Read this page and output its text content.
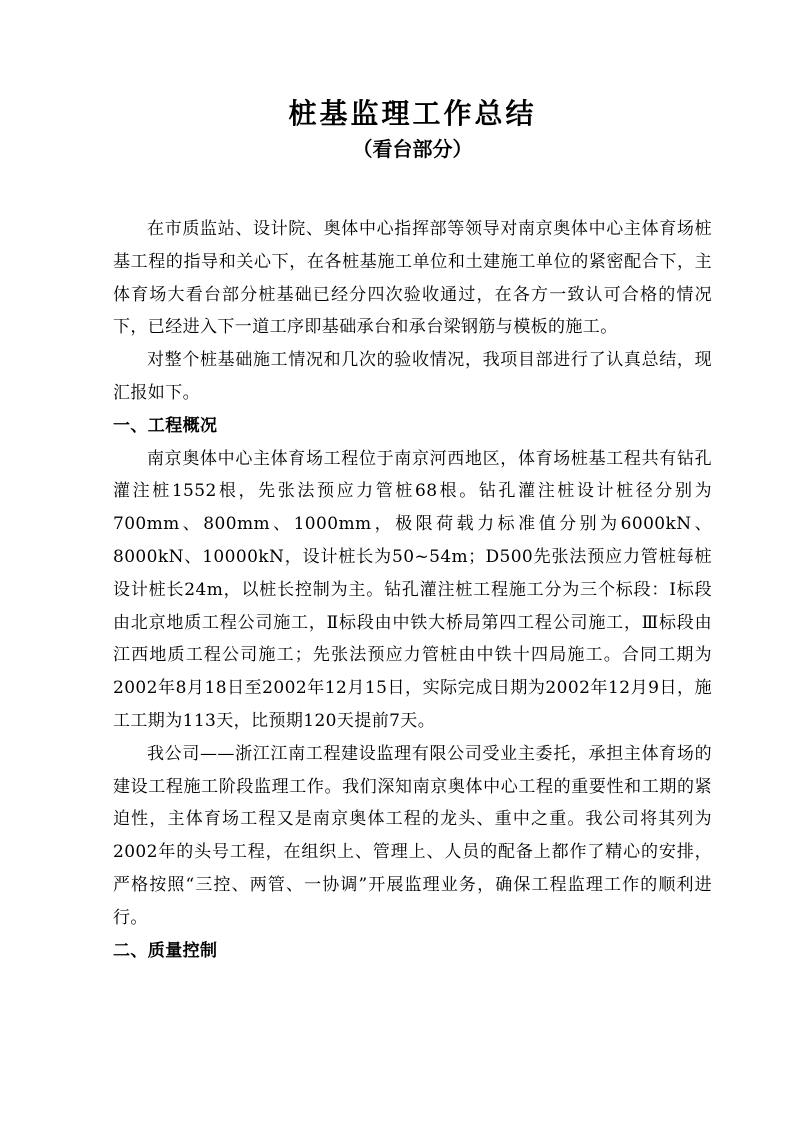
桩基监理工作总结
（看台部分）

在市质监站、设计院、奥体中心指挥部等领导对南京奥体中心主体育场桩基工程的指导和关心下，在各桩基施工单位和土建施工单位的紧密配合下，主体育场大看台部分桩基础已经分四次验收通过，在各方一致认可合格的情况下，已经进入下一道工序即基础承台和承台梁钢筋与模板的施工。

对整个桩基础施工情况和几次的验收情况，我项目部进行了认真总结，现汇报如下。

一、工程概况

南京奥体中心主体育场工程位于南京河西地区，体育场桩基工程共有钻孔灌注桩1552根，先张法预应力管桩68根。钻孔灌注桩设计桩径分别为700mm、800mm、1000mm，极限荷载力标准值分别为6000kN、8000kN、10000kN，设计桩长为50~54m；D500先张法预应力管桩每桩设计桩长24m，以桩长控制为主。钻孔灌注桩工程施工分为三个标段：Ⅰ标段由北京地质工程公司施工，Ⅱ标段由中铁大桥局第四工程公司施工，Ⅲ标段由江西地质工程公司施工；先张法预应力管桩由中铁十四局施工。合同工期为2002年8月18日至2002年12月15日，实际完成日期为2002年12月9日，施工工期为113天，比预期120天提前7天。

我公司——浙江江南工程建设监理有限公司受业主委托，承担主体育场的建设工程施工阶段监理工作。我们深知南京奥体中心工程的重要性和工期的紧迫性，主体育场工程又是南京奥体工程的龙头、重中之重。我公司将其列为2002年的头号工程，在组织上、管理上、人员的配备上都作了精心的安排，严格按照“三控、两管、一协调”开展监理业务，确保工程监理工作的顺利进行。

二、质量控制
